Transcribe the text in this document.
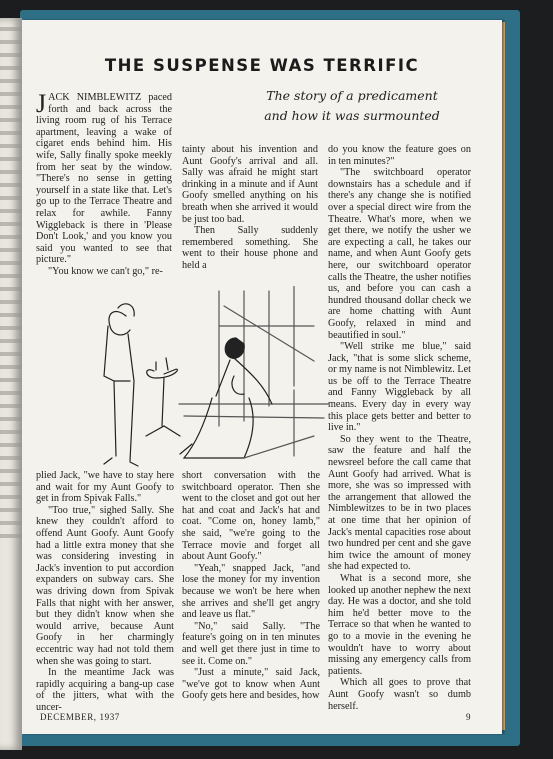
THE SUSPENSE WAS TERRIFIC
The story of a predicament
and how it was surmounted

JACK NIMBLEWITZ paced forth and back across the living room rug of his Terrace apartment, leaving a wake of cigaret ends behind him. His wife, Sally finally spoke meekly from her seat by the window. "There's no sense in getting yourself in a state like that. Let's go up to the Terrace Theatre and relax for awhile. Fanny Wiggleback is there in 'Please Don't Look,' and you know you said you wanted to see that picture."

"You know we can't go," re-

tainty about his invention and Aunt Goofy's arrival and all. Sally was afraid he might start drinking in a minute and if Aunt Goofy smelled anything on his breath when she arrived it would be just too bad.

Then Sally suddenly remembered something. She went to their house phone and held a

do you know the feature goes on in ten minutes?"

"The switchboard operator downstairs has a schedule and if there's any change she is notified over a special direct wire from the Theatre. What's more, when we get there, we notify the usher we are expecting a call, he takes our name, and when Aunt Goofy gets here, our switchboard operator calls the Theatre, the usher notifies us, and before you can cash a hundred thousand dollar check we are home chatting with Aunt Goofy, relaxed in mind and beautified in soul."

"Well strike me blue," said Jack, "that is some slick scheme, or my name is not Nimblewitz. Let us be off to the Terrace Theatre and Fanny Wiggleback by all means. Every day in every way this place gets better and better to live in."

So they went to the Theatre, saw the feature and half the newsreel before the call came that Aunt Goofy had arrived. What is more, she was so impressed with the arrangement that allowed the Nimblewitzes to be in two places at one time that her opinion of Jack's mental capacities rose about two hundred per cent and she gave him twice the amount of money she had expected to.

What is a second more, she looked up another nephew the next day. He was a doctor, and she told him he'd better move to the Terrace so that when he wanted to go to a movie in the evening he wouldn't have to worry about missing any emergency calls from patients.

Which all goes to prove that Aunt Goofy wasn't so dumb herself.

plied Jack, "we have to stay here and wait for my Aunt Goofy to get in from Spivak Falls."

"Too true," sighed Sally. She knew they couldn't afford to offend Aunt Goofy. Aunt Goofy had a little extra money that she was considering investing in Jack's invention to put accordion expanders on subway cars. She was driving down from Spivak Falls that night with her answer, but they didn't know when she would arrive, because Aunt Goofy in her charmingly eccentric way had not told them when she was going to start.

In the meantime Jack was rapidly acquiring a bang-up case of the jitters, what with the uncer-

short conversation with the switchboard operator. Then she went to the closet and got out her hat and coat and Jack's hat and coat. "Come on, honey lamb," she said, "we're going to the Terrace movie and forget all about Aunt Goofy."

"Yeah," snapped Jack, "and lose the money for my invention because we won't be here when she arrives and she'll get angry and leave us flat."

"No," said Sally. "The feature's going on in ten minutes and well get there just in time to see it. Come on."

"Just a minute," said Jack, "we've got to know when Aunt Goofy gets here and besides, how

DECEMBER, 1937	9
